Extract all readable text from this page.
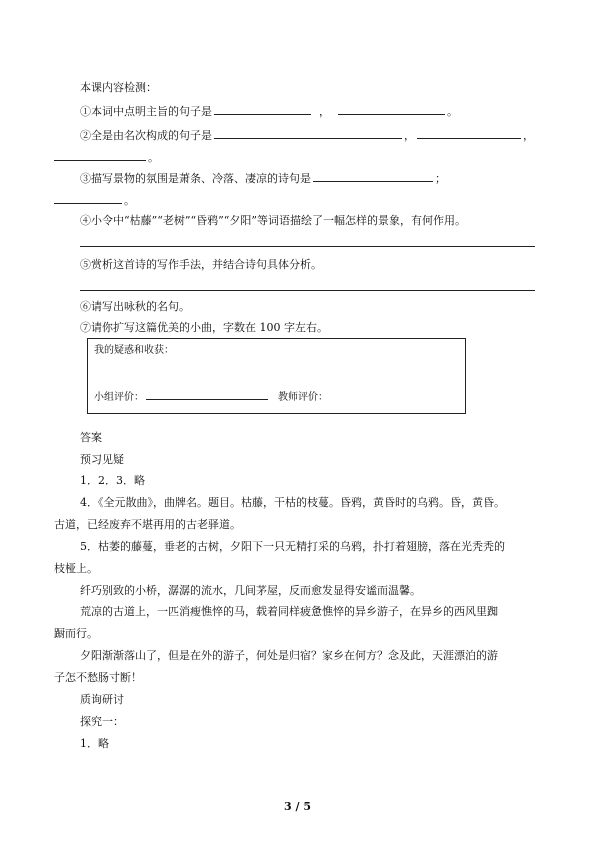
本课内容检测：
①本词中点明主旨的句子是	，	。
②全是由名次构成的句子是	，	，
。
③描写景物的氛围是萧条、冷落、凄凉的诗句是	；
。
④小令中“枯藤”“老树”“昏鸦”“夕阳”等词语描绘了一幅怎样的景象，有何作用。
⑤赏析这首诗的写作手法，并结合诗句具体分析。
⑥请写出咏秋的名句。
⑦请你扩写这篇优美的小曲，字数在 100 字左右。
我的疑惑和收获：
小组评价：	教师评价：
答案
预习见疑
1．2．3．略
4．《全元散曲》，曲牌名。题目。枯藤，干枯的枝蔓。昏鸦，黄昏时的乌鸦。昏，黄昏。
古道，已经废弃不堪再用的古老驿道。
5．枯萎的藤蔓，垂老的古树，夕阳下一只无精打采的乌鸦，扑打着翅膀，落在光秃秃的
枝桠上。
纤巧别致的小桥，潺潺的流水，几间茅屋，反而愈发显得安谧而温馨。
荒凉的古道上，一匹消瘦憔悴的马，载着同样疲惫憔悴的异乡游子，在异乡的西风里踟
蹰而行。
夕阳渐渐落山了，但是在外的游子，何处是归宿？家乡在何方？念及此，天涯漂泊的游
子怎不愁肠寸断！
质询研讨
探究一：
1．略
3 / 5
